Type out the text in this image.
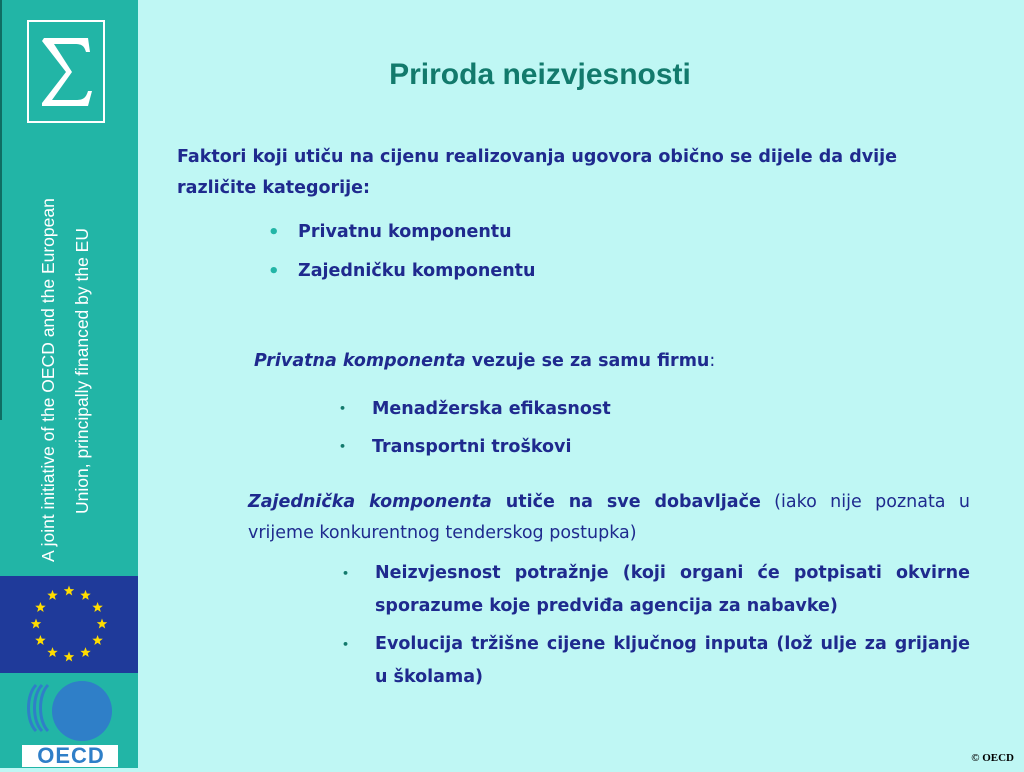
A joint initiative of the OECD and the European Union, principally financed by the EU
OECD
Priroda neizvjesnosti
Faktori koji utiču na cijenu realizovanja ugovora obično se dijele da dvije različite kategorije:
• Privatnu komponentu
• Zajedničku komponentu
Privatna komponenta vezuje se za samu firmu:
• Menadžerska efikasnost
• Transportni troškovi
Zajednička komponenta utiče na sve dobavljače (iako nije poznata u vrijeme konkurentnog tenderskog postupka)
• Neizvjesnost potražnje (koji organi će potpisati okvirne sporazume koje predviđa agencija za nabavke)
• Evolucija tržišne cijene ključnog inputa (lož ulje za grijanje u školama)
© OECD
